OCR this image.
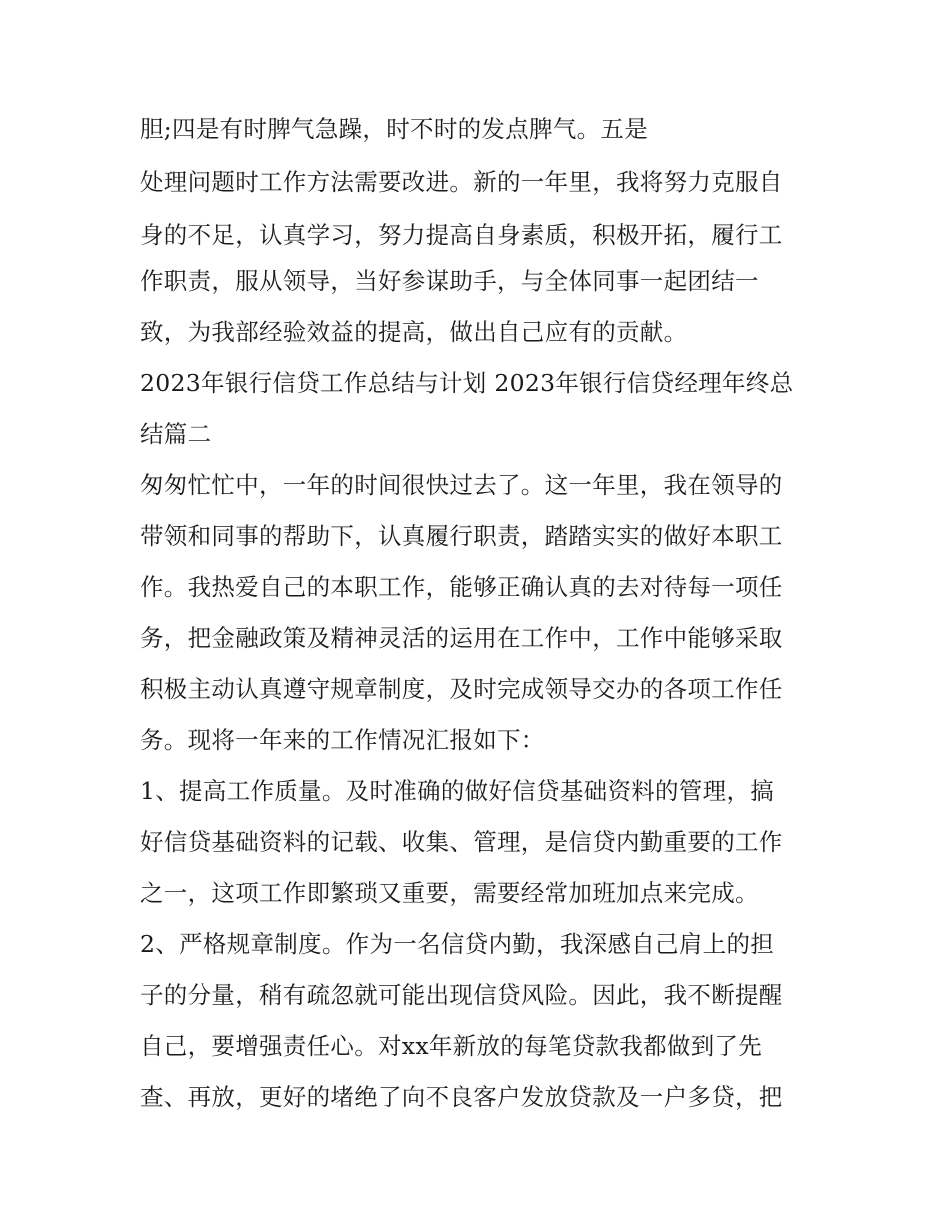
胆;四是有时脾气急躁，时不时的发点脾气。五是
处理问题时工作方法需要改进。新的一年里，我将努力克服自
身的不足，认真学习，努力提高自身素质，积极开拓，履行工
作职责，服从领导，当好参谋助手，与全体同事一起团结一
致，为我部经验效益的提高，做出自己应有的贡献。
2023年银行信贷工作总结与计划 2023年银行信贷经理年终总
结篇二
匆匆忙忙中，一年的时间很快过去了。这一年里，我在领导的
带领和同事的帮助下，认真履行职责，踏踏实实的做好本职工
作。我热爱自己的本职工作，能够正确认真的去对待每一项任
务，把金融政策及精神灵活的运用在工作中，工作中能够采取
积极主动认真遵守规章制度，及时完成领导交办的各项工作任
务。现将一年来的工作情况汇报如下：
1、提高工作质量。及时准确的做好信贷基础资料的管理，搞
好信贷基础资料的记载、收集、管理，是信贷内勤重要的工作
之一，这项工作即繁琐又重要，需要经常加班加点来完成。
2、严格规章制度。作为一名信贷内勤，我深感自己肩上的担
子的分量，稍有疏忽就可能出现信贷风险。因此，我不断提醒
自己，要增强责任心。对xx年新放的每笔贷款我都做到了先
查、再放，更好的堵绝了向不良客户发放贷款及一户多贷，把
